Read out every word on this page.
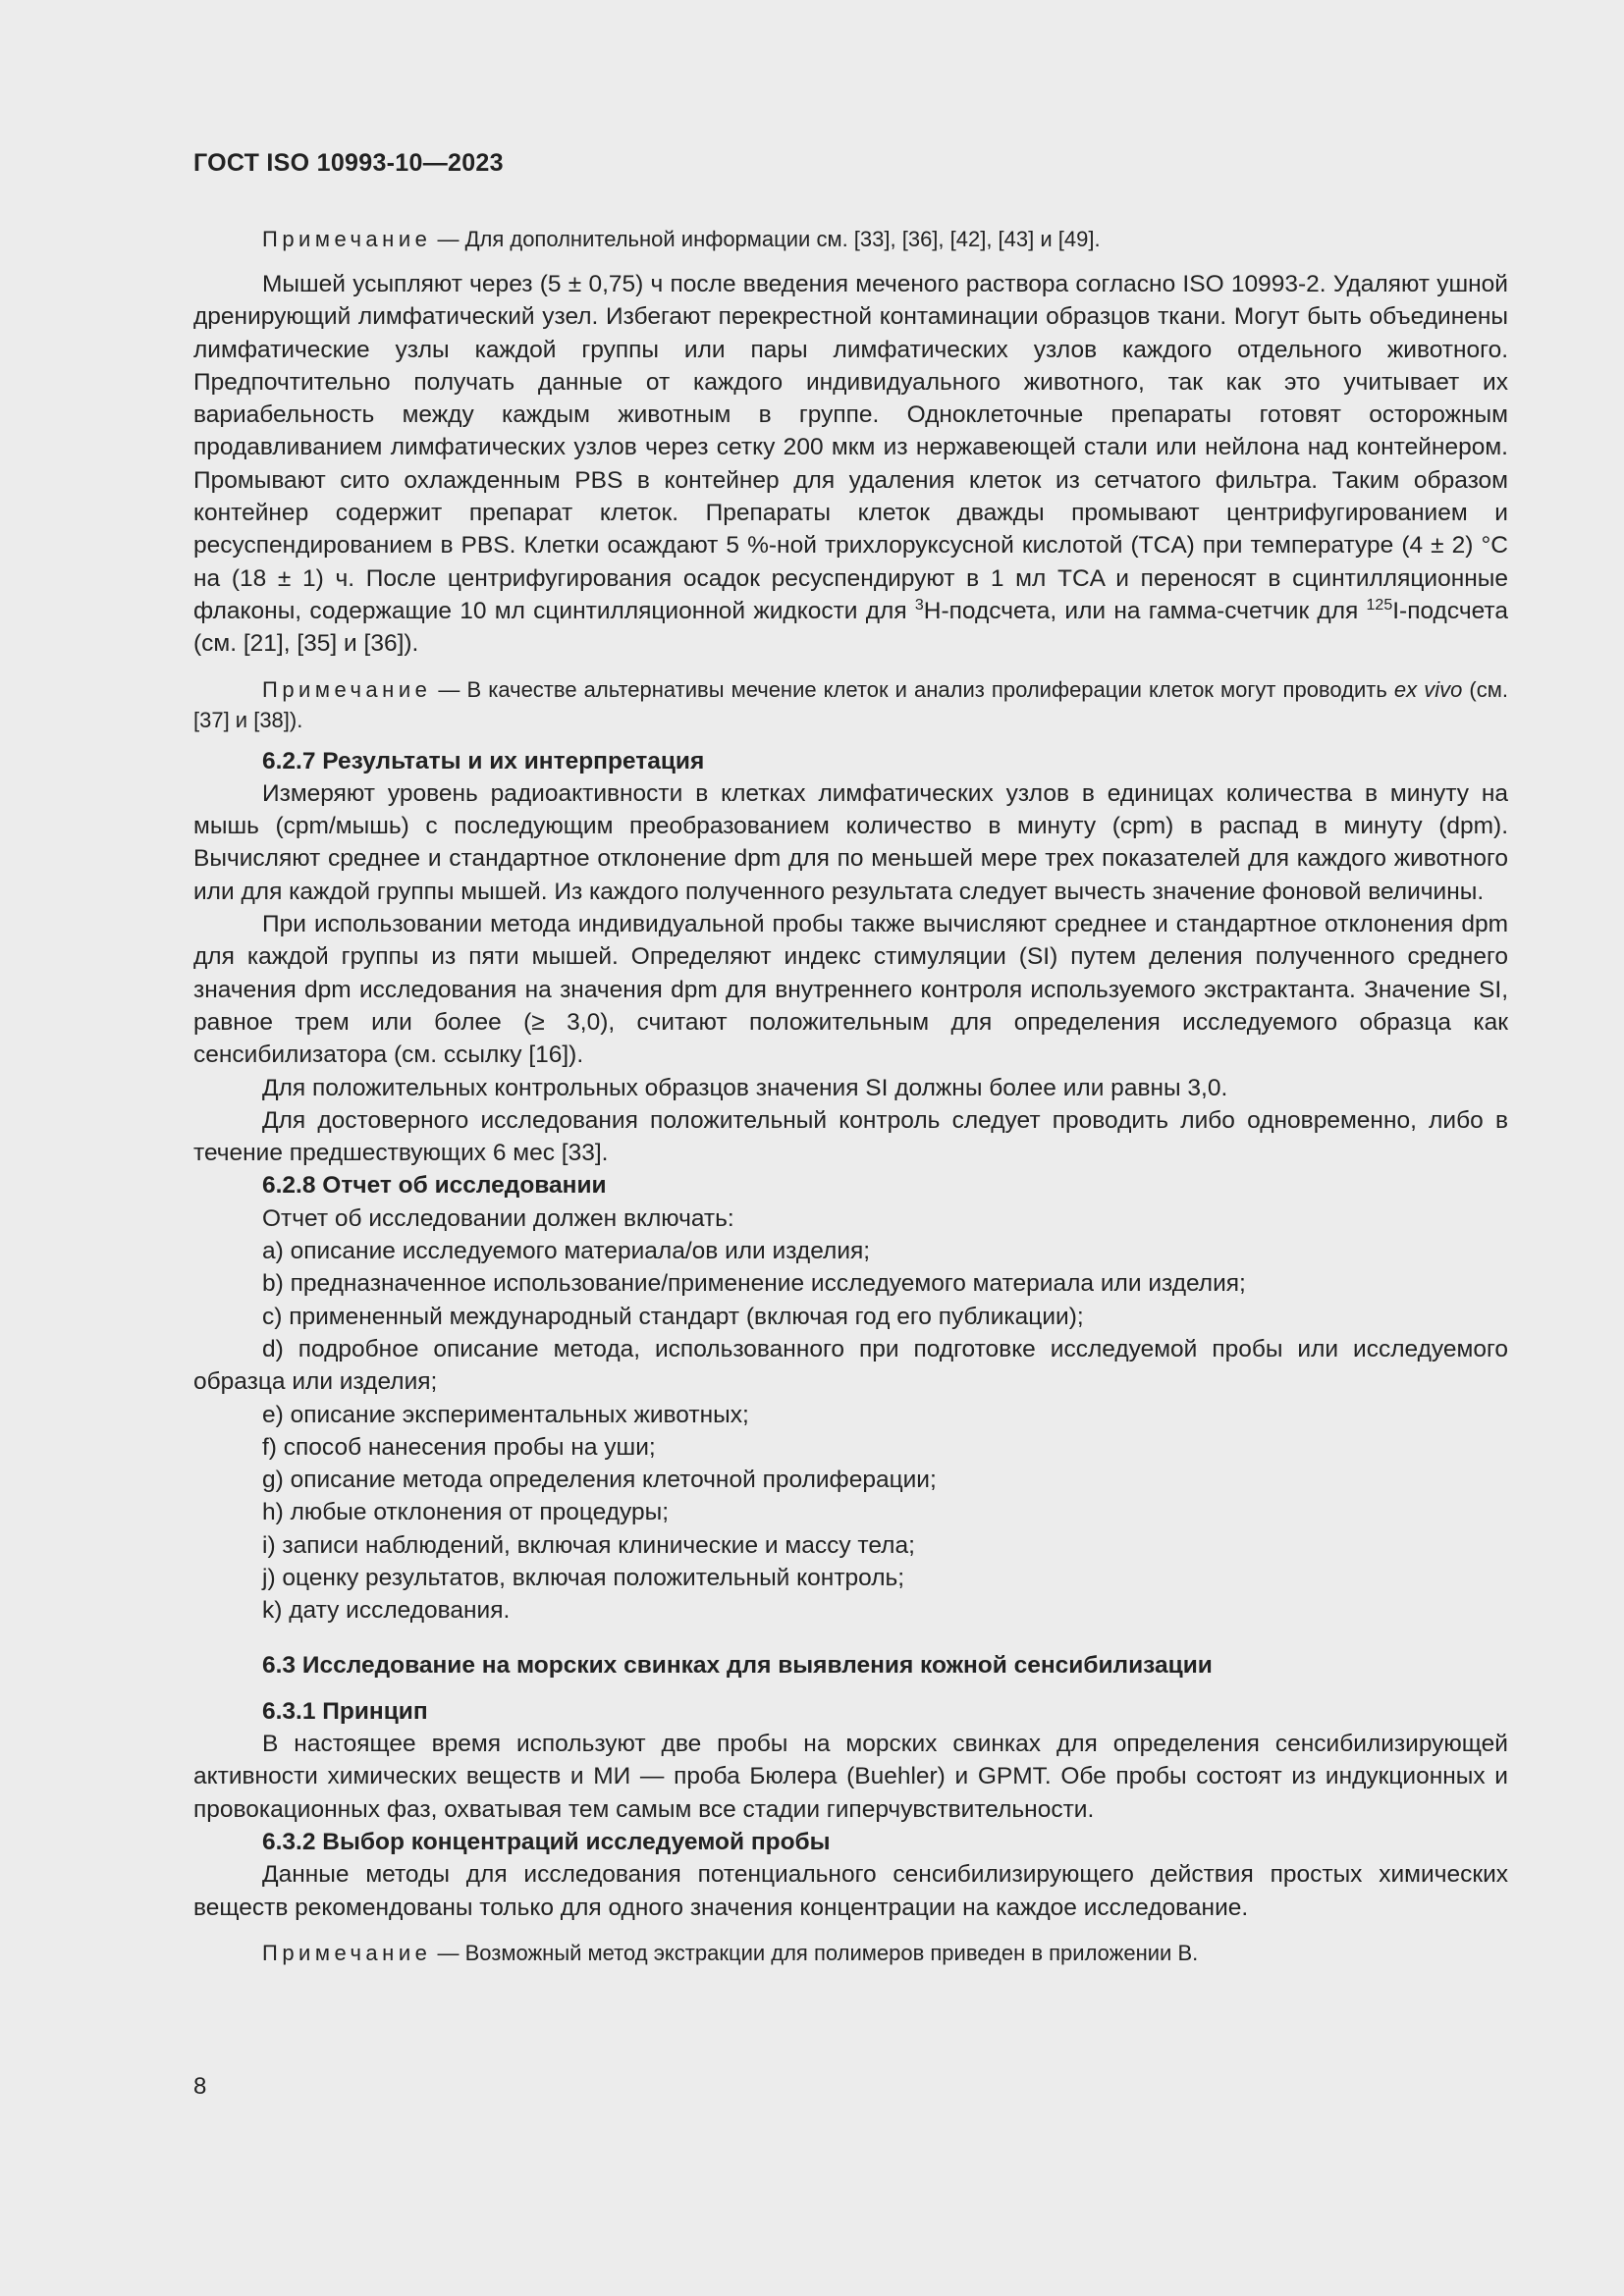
ГОСТ ISO 10993-10—2023

Примечание — Для дополнительной информации см. [33], [36], [42], [43] и [49].

Мышей усыпляют через (5 ± 0,75) ч после введения меченого раствора согласно ISO 10993-2. Удаляют ушной дренирующий лимфатический узел. Избегают перекрестной контаминации образцов ткани. Могут быть объединены лимфатические узлы каждой группы или пары лимфатических узлов каждого отдельного животного. Предпочтительно получать данные от каждого индивидуального животного, так как это учитывает их вариабельность между каждым животным в группе. Одноклеточные препараты готовят осторожным продавливанием лимфатических узлов через сетку 200 мкм из нержавеющей стали или нейлона над контейнером. Промывают сито охлажденным PBS в контейнер для удаления клеток из сетчатого фильтра. Таким образом контейнер содержит препарат клеток. Препараты клеток дважды промывают центрифугированием и ресуспендированием в PBS. Клетки осаждают 5 %-ной трихлоруксусной кислотой (TCA) при температуре (4 ± 2) °C на (18 ± 1) ч. После центрифугирования осадок ресуспендируют в 1 мл TCA и переносят в сцинтилляционные флаконы, содержащие 10 мл сцинтилляционной жидкости для $^3$H-подсчета, или на гамма-счетчик для $^{125}$I-подсчета (см. [21], [35] и [36]).

Примечание — В качестве альтернативы мечение клеток и анализ пролиферации клеток могут проводить ex vivo (см. [37] и [38]).

6.2.7 Результаты и их интерпретация

Измеряют уровень радиоактивности в клетках лимфатических узлов в единицах количества в минуту на мышь (cpm/мышь) с последующим преобразованием количество в минуту (cpm) в распад в минуту (dpm). Вычисляют среднее и стандартное отклонение dpm для по меньшей мере трех показателей для каждого животного или для каждой группы мышей. Из каждого полученного результата следует вычесть значение фоновой величины.

При использовании метода индивидуальной пробы также вычисляют среднее и стандартное отклонения dpm для каждой группы из пяти мышей. Определяют индекс стимуляции (SI) путем деления полученного среднего значения dpm исследования на значения dpm для внутреннего контроля используемого экстрактанта. Значение SI, равное трем или более (≥ 3,0), считают положительным для определения исследуемого образца как сенсибилизатора (см. ссылку [16]).

Для положительных контрольных образцов значения SI должны более или равны 3,0.

Для достоверного исследования положительный контроль следует проводить либо одновременно, либо в течение предшествующих 6 мес [33].

6.2.8 Отчет об исследовании

Отчет об исследовании должен включать:

a) описание исследуемого материала/ов или изделия;

b) предназначенное использование/применение исследуемого материала или изделия;

c) примененный международный стандарт (включая год его публикации);

d) подробное описание метода, использованного при подготовке исследуемой пробы или исследуемого образца или изделия;

e) описание экспериментальных животных;

f) способ нанесения пробы на уши;

g) описание метода определения клеточной пролиферации;

h) любые отклонения от процедуры;

i) записи наблюдений, включая клинические и массу тела;

j) оценку результатов, включая положительный контроль;

k) дату исследования.

6.3 Исследование на морских свинках для выявления кожной сенсибилизации

6.3.1 Принцип

В настоящее время используют две пробы на морских свинках для определения сенсибилизирующей активности химических веществ и МИ — проба Бюлера (Buehler) и GPMT. Обе пробы состоят из индукционных и провокационных фаз, охватывая тем самым все стадии гиперчувствительности.

6.3.2 Выбор концентраций исследуемой пробы

Данные методы для исследования потенциального сенсибилизирующего действия простых химических веществ рекомендованы только для одного значения концентрации на каждое исследование.

Примечание — Возможный метод экстракции для полимеров приведен в приложении B.

8
